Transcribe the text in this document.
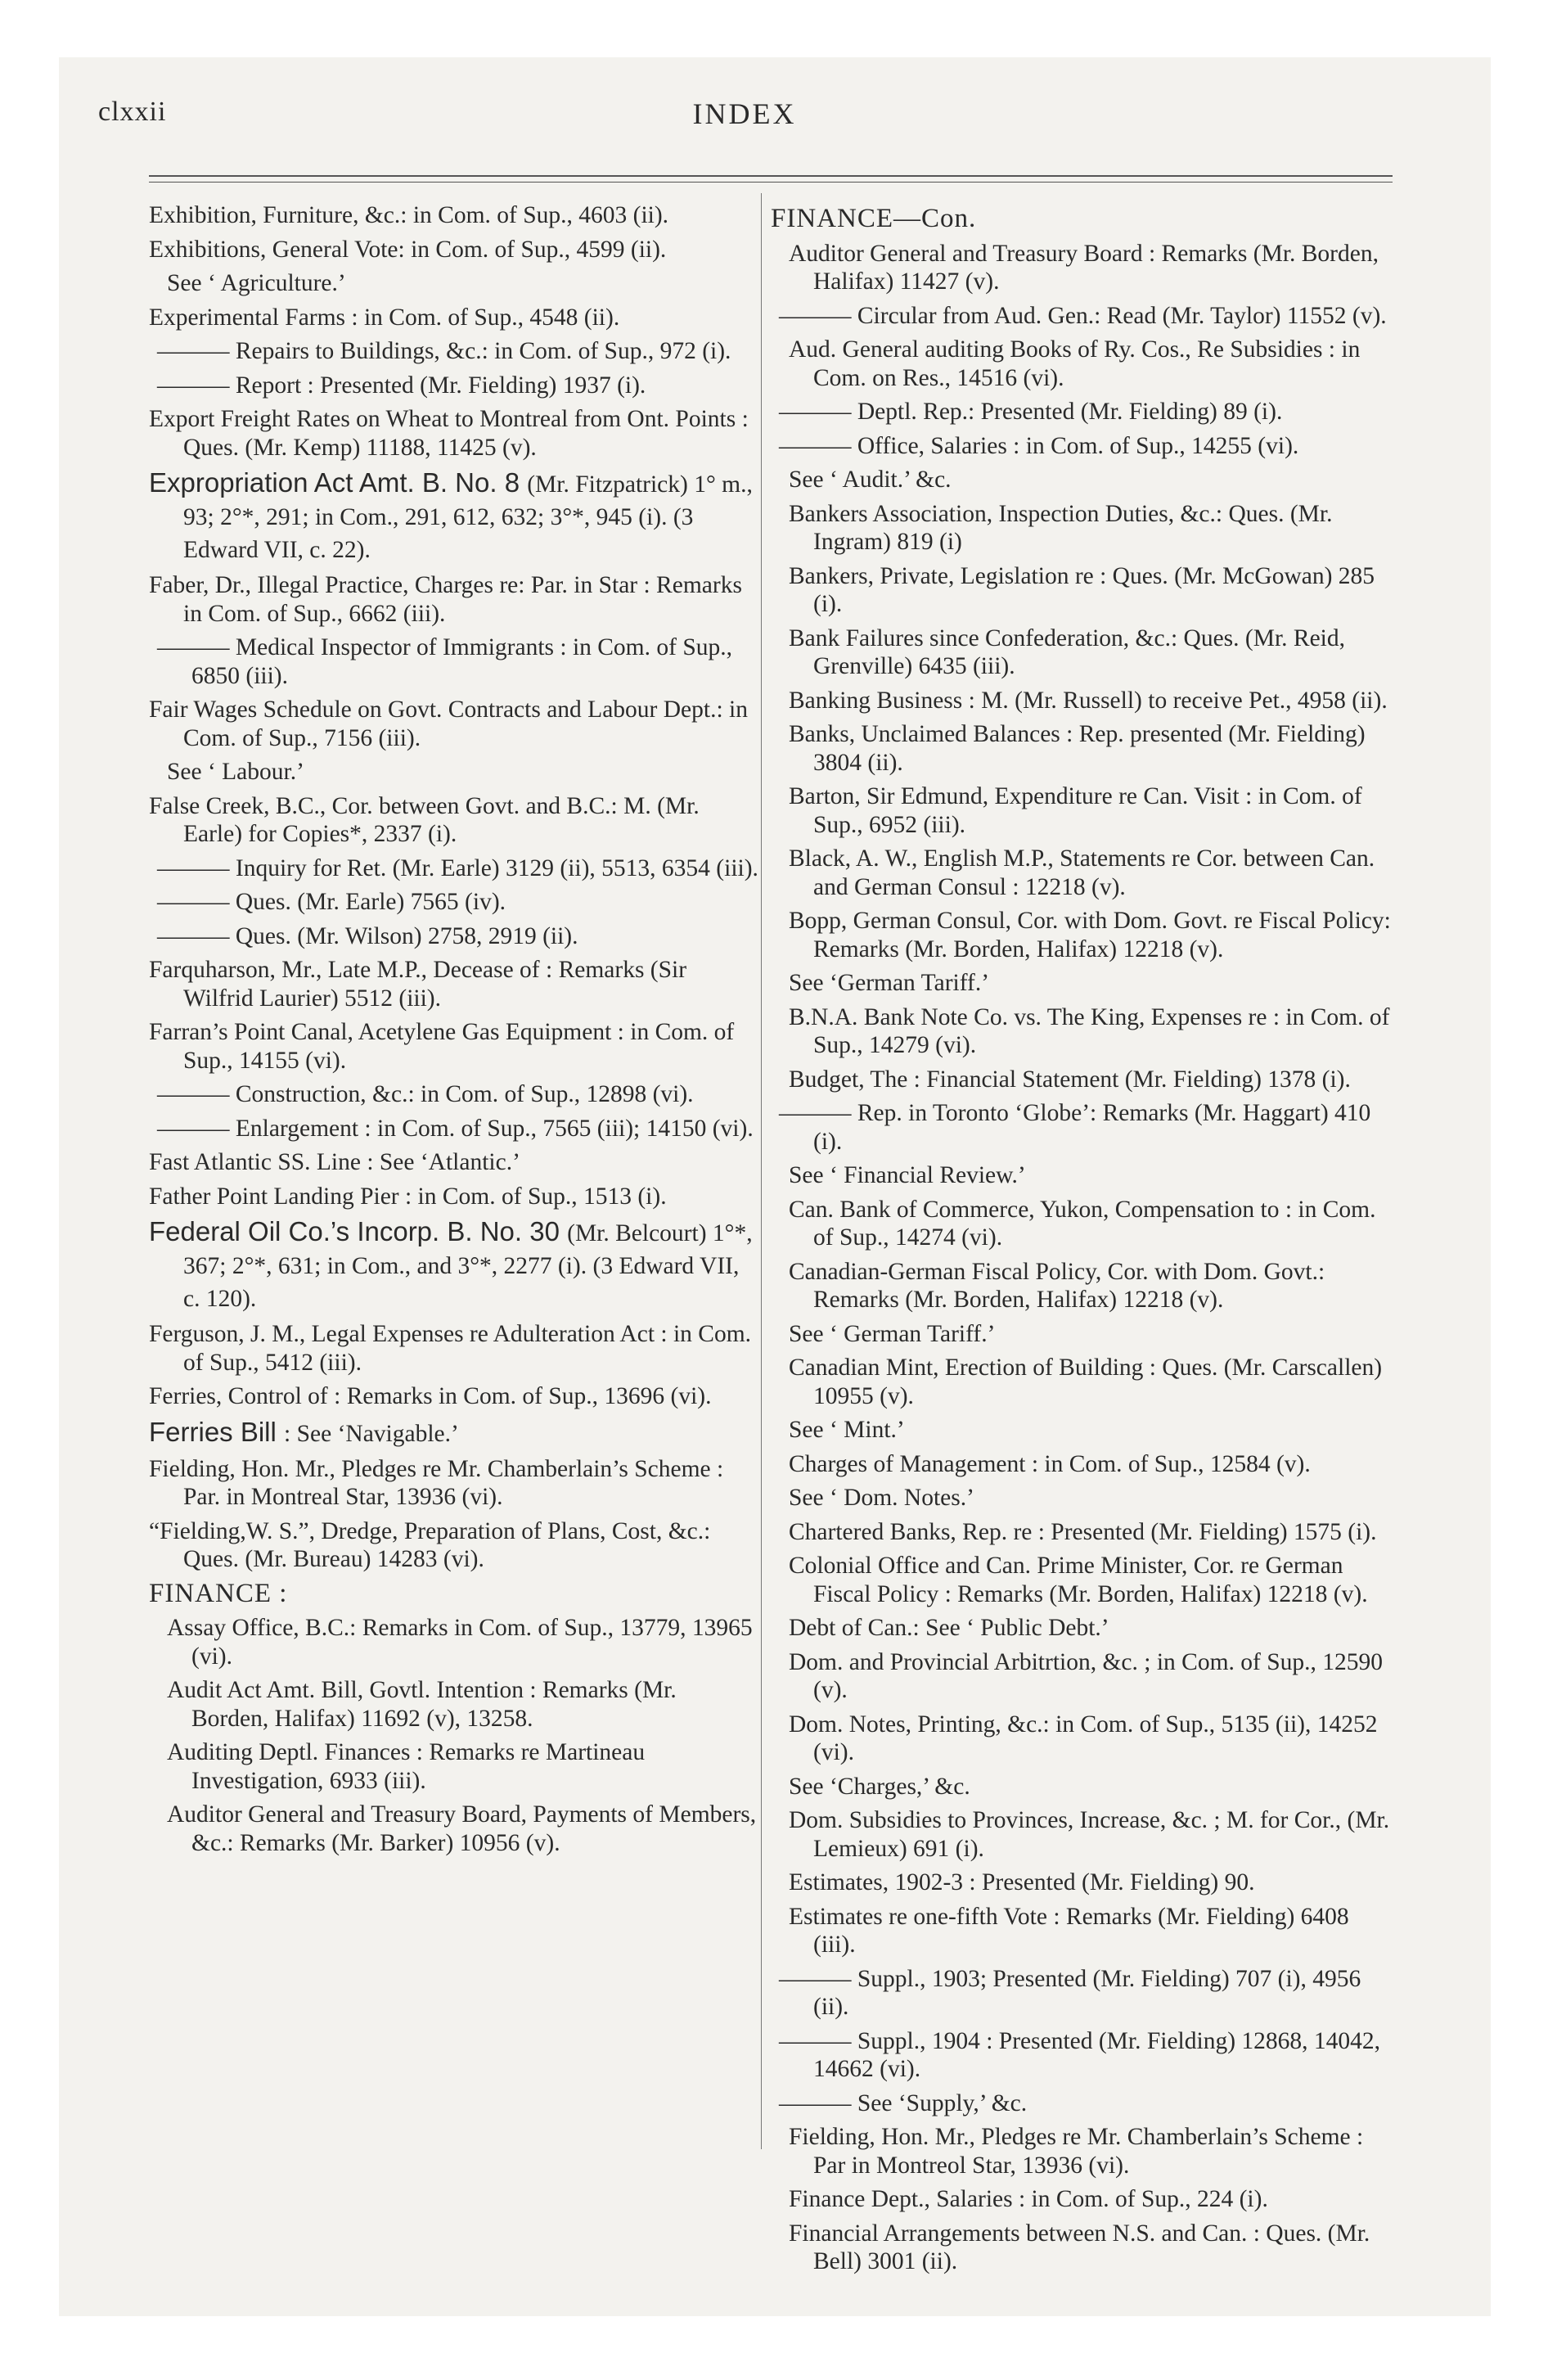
clxxii	INDEX

Exhibition, Furniture, &c.: in Com. of Sup., 4603 (ii).

Exhibitions, General Vote: in Com. of Sup., 4599 (ii).

See ‘ Agriculture.’

Experimental Farms : in Com. of Sup., 4548 (ii).

——— Repairs to Buildings, &c.: in Com. of Sup., 972 (i).

——— Report : Presented (Mr. Fielding) 1937 (i).

Export Freight Rates on Wheat to Montreal from Ont. Points : Ques. (Mr. Kemp) 11188, 11425 (v).

Expropriation Act Amt. B. No. 8 (Mr. Fitzpatrick) 1° m., 93; 2°*, 291; in Com., 291, 612, 632; 3°*, 945 (i). (3 Edward VII, c. 22).

Faber, Dr., Illegal Practice, Charges re: Par. in Star : Remarks in Com. of Sup., 6662 (iii).

——— Medical Inspector of Immigrants : in Com. of Sup., 6850 (iii).

Fair Wages Schedule on Govt. Contracts and Labour Dept.: in Com. of Sup., 7156 (iii).

See ‘ Labour.’

False Creek, B.C., Cor. between Govt. and B.C.: M. (Mr. Earle) for Copies*, 2337 (i).

——— Inquiry for Ret. (Mr. Earle) 3129 (ii), 5513, 6354 (iii).

——— Ques. (Mr. Earle) 7565 (iv).

——— Ques. (Mr. Wilson) 2758, 2919 (ii).

Farquharson, Mr., Late M.P., Decease of : Remarks (Sir Wilfrid Laurier) 5512 (iii).

Farran’s Point Canal, Acetylene Gas Equipment : in Com. of Sup., 14155 (vi).

——— Construction, &c.: in Com. of Sup., 12898 (vi).

——— Enlargement : in Com. of Sup., 7565 (iii); 14150 (vi).

Fast Atlantic SS. Line : See ‘Atlantic.’

Father Point Landing Pier : in Com. of Sup., 1513 (i).

Federal Oil Co.’s Incorp. B. No. 30 (Mr. Belcourt) 1°*, 367; 2°*, 631; in Com., and 3°*, 2277 (i). (3 Edward VII, c. 120).

Ferguson, J. M., Legal Expenses re Adulteration Act : in Com. of Sup., 5412 (iii).

Ferries, Control of : Remarks in Com. of Sup., 13696 (vi).

Ferries Bill : See ‘Navigable.’

Fielding, Hon. Mr., Pledges re Mr. Chamberlain’s Scheme : Par. in Montreal Star, 13936 (vi).

“Fielding,W. S.”, Dredge, Preparation of Plans, Cost, &c.: Ques. (Mr. Bureau) 14283 (vi).

FINANCE :

Assay Office, B.C.: Remarks in Com. of Sup., 13779, 13965 (vi).

Audit Act Amt. Bill, Govtl. Intention : Remarks (Mr. Borden, Halifax) 11692 (v), 13258.

Auditing Deptl. Finances : Remarks re Martineau Investigation, 6933 (iii).

Auditor General and Treasury Board, Payments of Members, &c.: Remarks (Mr. Barker) 10956 (v).

FINANCE—Con.

Auditor General and Treasury Board : Remarks (Mr. Borden, Halifax) 11427 (v).

——— Circular from Aud. Gen.: Read (Mr. Taylor) 11552 (v).

Aud. General auditing Books of Ry. Cos., Re Subsidies : in Com. on Res., 14516 (vi).

——— Deptl. Rep.: Presented (Mr. Fielding) 89 (i).

——— Office, Salaries : in Com. of Sup., 14255 (vi).

See ‘ Audit.’ &c.

Bankers Association, Inspection Duties, &c.: Ques. (Mr. Ingram) 819 (i)

Bankers, Private, Legislation re : Ques. (Mr. McGowan) 285 (i).

Bank Failures since Confederation, &c.: Ques. (Mr. Reid, Grenville) 6435 (iii).

Banking Business : M. (Mr. Russell) to receive Pet., 4958 (ii).

Banks, Unclaimed Balances : Rep. presented (Mr. Fielding) 3804 (ii).

Barton, Sir Edmund, Expenditure re Can. Visit : in Com. of Sup., 6952 (iii).

Black, A. W., English M.P., Statements re Cor. between Can. and German Consul : 12218 (v).

Bopp, German Consul, Cor. with Dom. Govt. re Fiscal Policy: Remarks (Mr. Borden, Halifax) 12218 (v).

See ‘German Tariff.’

B.N.A. Bank Note Co. vs. The King, Expenses re : in Com. of Sup., 14279 (vi).

Budget, The : Financial Statement (Mr. Fielding) 1378 (i).

——— Rep. in Toronto ‘Globe’: Remarks (Mr. Haggart) 410 (i).

See ‘ Financial Review.’

Can. Bank of Commerce, Yukon, Compensation to : in Com. of Sup., 14274 (vi).

Canadian-German Fiscal Policy, Cor. with Dom. Govt.: Remarks (Mr. Borden, Halifax) 12218 (v).

See ‘ German Tariff.’

Canadian Mint, Erection of Building : Ques. (Mr. Carscallen) 10955 (v).

See ‘ Mint.’

Charges of Management : in Com. of Sup., 12584 (v).

See ‘ Dom. Notes.’

Chartered Banks, Rep. re : Presented (Mr. Fielding) 1575 (i).

Colonial Office and Can. Prime Minister, Cor. re German Fiscal Policy : Remarks (Mr. Borden, Halifax) 12218 (v).

Debt of Can.: See ‘ Public Debt.’

Dom. and Provincial Arbitrtion, &c. ; in Com. of Sup., 12590 (v).

Dom. Notes, Printing, &c.: in Com. of Sup., 5135 (ii), 14252 (vi).

See ‘Charges,’ &c.

Dom. Subsidies to Provinces, Increase, &c. ; M. for Cor., (Mr. Lemieux) 691 (i).

Estimates, 1902-3 : Presented (Mr. Fielding) 90.

Estimates re one-fifth Vote : Remarks (Mr. Fielding) 6408 (iii).

——— Suppl., 1903; Presented (Mr. Fielding) 707 (i), 4956 (ii).

——— Suppl., 1904 : Presented (Mr. Fielding) 12868, 14042, 14662 (vi).

——— See ‘Supply,’ &c.

Fielding, Hon. Mr., Pledges re Mr. Chamberlain’s Scheme : Par in Montreol Star, 13936 (vi).

Finance Dept., Salaries : in Com. of Sup., 224 (i).

Financial Arrangements between N.S. and Can. : Ques. (Mr. Bell) 3001 (ii).
